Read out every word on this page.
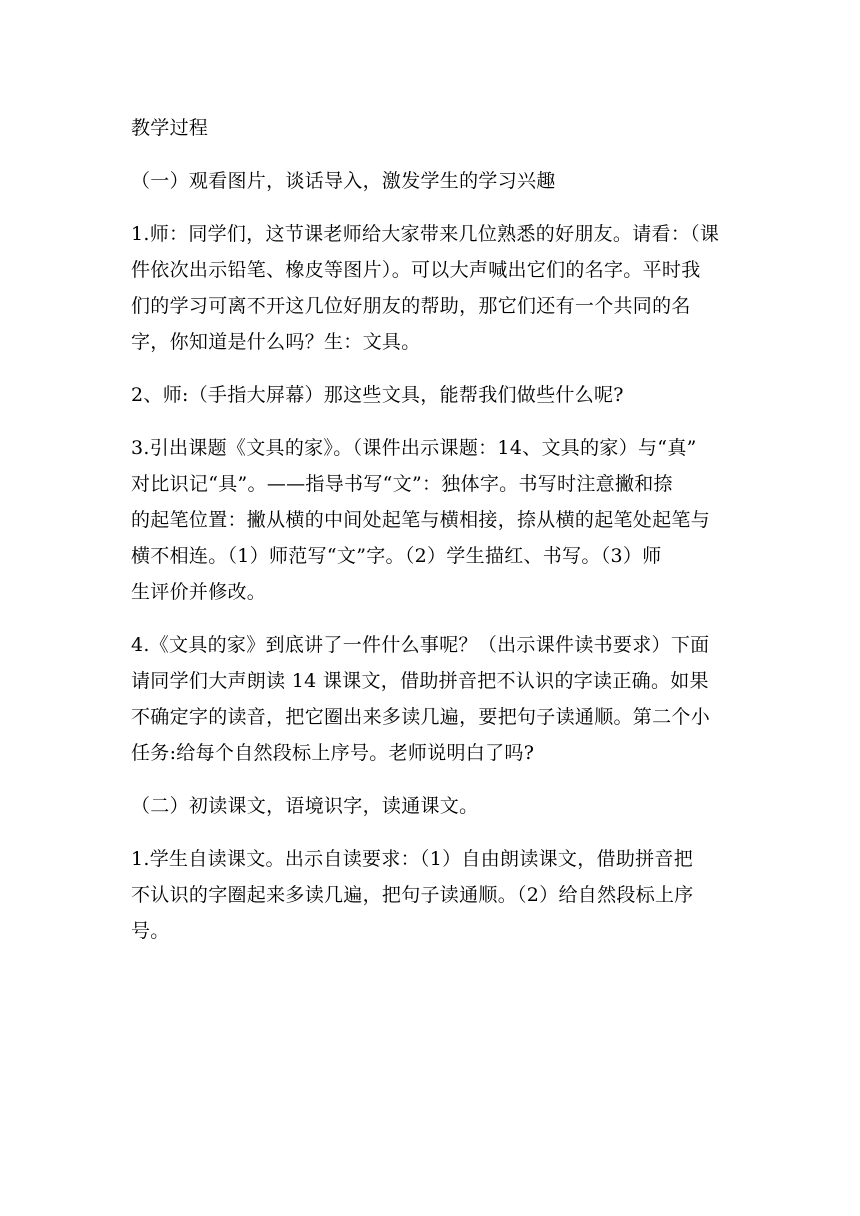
教学过程

（一）观看图片，谈话导入，激发学生的学习兴趣

1.师：同学们，这节课老师给大家带来几位熟悉的好朋友。请看：（课
件依次出示铅笔、橡皮等图片）。可以大声喊出它们的名字。平时我
们的学习可离不开这几位好朋友的帮助，那它们还有一个共同的名
字，你知道是什么吗？生：文具。

2、师:（手指大屏幕）那这些文具，能帮我们做些什么呢?

3.引出课题《文具的家》。（课件出示课题：14、文具的家）与“真”
对比识记“具”。——指导书写“文”：独体字。书写时注意撇和捺
的起笔位置：撇从横的中间处起笔与横相接，捺从横的起笔处起笔与
横不相连。（1）师范写“文”字。（2）学生描红、书写。（3）师
生评价并修改。

4.《文具的家》到底讲了一件什么事呢？（出示课件读书要求）下面
请同学们大声朗读 14 课课文，借助拼音把不认识的字读正确。如果
不确定字的读音，把它圈出来多读几遍，要把句子读通顺。第二个小
任务:给每个自然段标上序号。老师说明白了吗?

（二）初读课文，语境识字，读通课文。

1.学生自读课文。出示自读要求：（1）自由朗读课文，借助拼音把
不认识的字圈起来多读几遍，把句子读通顺。（2）给自然段标上序
号。
